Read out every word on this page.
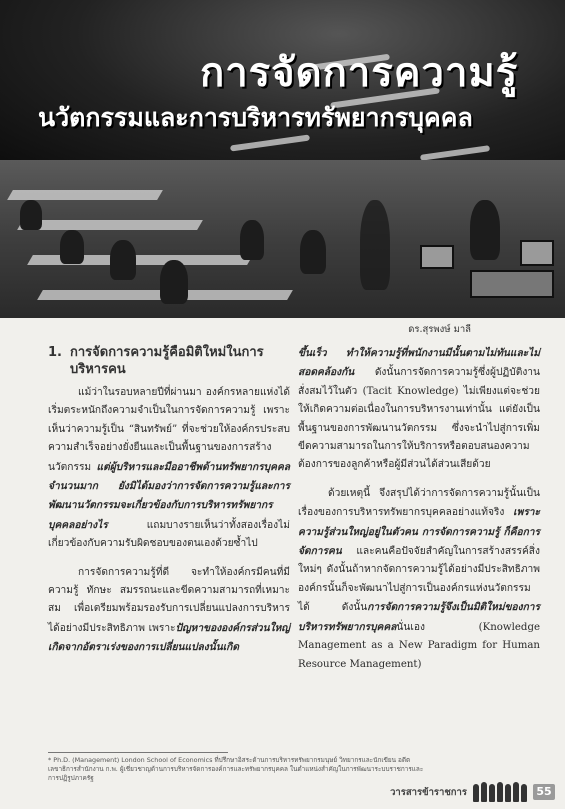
การจัดการความรู้
นวัตกรรมและการบริหารทรัพยากรบุคคล
ดร.สุรพงษ์ มาลี
1. การจัดการความรู้คือมิติใหม่ในการบริหารคน

แม้ว่าในรอบหลายปีที่ผ่านมา องค์กรหลายแห่งได้เริ่มตระหนักถึงความจำเป็นในการจัดการความรู้ เพราะเห็นว่าความรู้เป็น “สินทรัพย์” ที่จะช่วยให้องค์กรประสบความสำเร็จอย่างยั่งยืนและเป็นพื้นฐานของการสร้างนวัตกรรม แต่ผู้บริหารและมืออาชีพด้านทรัพยากรบุคคลจำนวนมาก ยังมิได้มองว่าการจัดการความรู้และการพัฒนานวัตกรรมจะเกี่ยวข้องกับการบริหารทรัพยากรบุคคลอย่างไร แถมบางรายเห็นว่าทั้งสองเรื่องไม่เกี่ยวข้องกับความรับผิดชอบของตนเองด้วยซ้ำไป

การจัดการความรู้ที่ดี จะทำให้องค์กรมีคนที่มีความรู้ ทักษะ สมรรถนะและขีดความสามารถที่เหมาะสม เพื่อเตรียมพร้อมรองรับการเปลี่ยนแปลงการบริหารได้อย่างมีประสิทธิภาพ เพราะปัญหาขององค์กรส่วนใหญ่เกิดจากอัตราเร่งของการเปลี่ยนแปลงนั้นเกิด

ขึ้นเร็ว ทำให้ความรู้ที่พนักงานมีนั้นตามไม่ทันและไม่สอดคล้องกัน ดังนั้นการจัดการความรู้ซึ่งผู้ปฏิบัติงานสั่งสมไว้ในตัว (Tacit Knowledge) ไม่เพียงแต่จะช่วยให้เกิดความต่อเนื่องในการบริหารงานเท่านั้น แต่ยังเป็นพื้นฐานของการพัฒนานวัตกรรม ซึ่งจะนำไปสู่การเพิ่มขีดความสามารถในการให้บริการหรือตอบสนองความต้องการของลูกค้าหรือผู้มีส่วนได้ส่วนเสียด้วย

ด้วยเหตุนี้ จึงสรุปได้ว่าการจัดการความรู้นั้นเป็นเรื่องของการบริหารทรัพยากรบุคคลอย่างแท้จริง เพราะความรู้ส่วนใหญ่อยู่ในตัวคน การจัดการความรู้ ก็คือการจัดการคน และคนคือปัจจัยสำคัญในการสร้างสรรค์สิ่งใหม่ๆ ดังนั้นถ้าหากจัดการความรู้ได้อย่างมีประสิทธิภาพ องค์กรนั้นก็จะพัฒนาไปสู่การเป็นองค์กรแห่งนวัตกรรมได้ ดังนั้นการจัดการความรู้จึงเป็นมิติใหม่ของการบริหารทรัพยากรบุคคลนั่นเอง (Knowledge Management as a New Paradigm for Human Resource Management)

* Ph.D. (Management) London School of Economics ที่ปรึกษาอิสระด้านการบริหารทรัพยากรมนุษย์ วิทยากรและนักเขียน อดีตเลขาธิการสำนักงาน ก.พ. ผู้เชี่ยวชาญด้านการบริหารจัดการองค์การและทรัพยากรบุคคล ในตำแหน่งสำคัญในการพัฒนาระบบราชการและการปฏิรูปภาครัฐ
วารสารข้าราชการ	55
